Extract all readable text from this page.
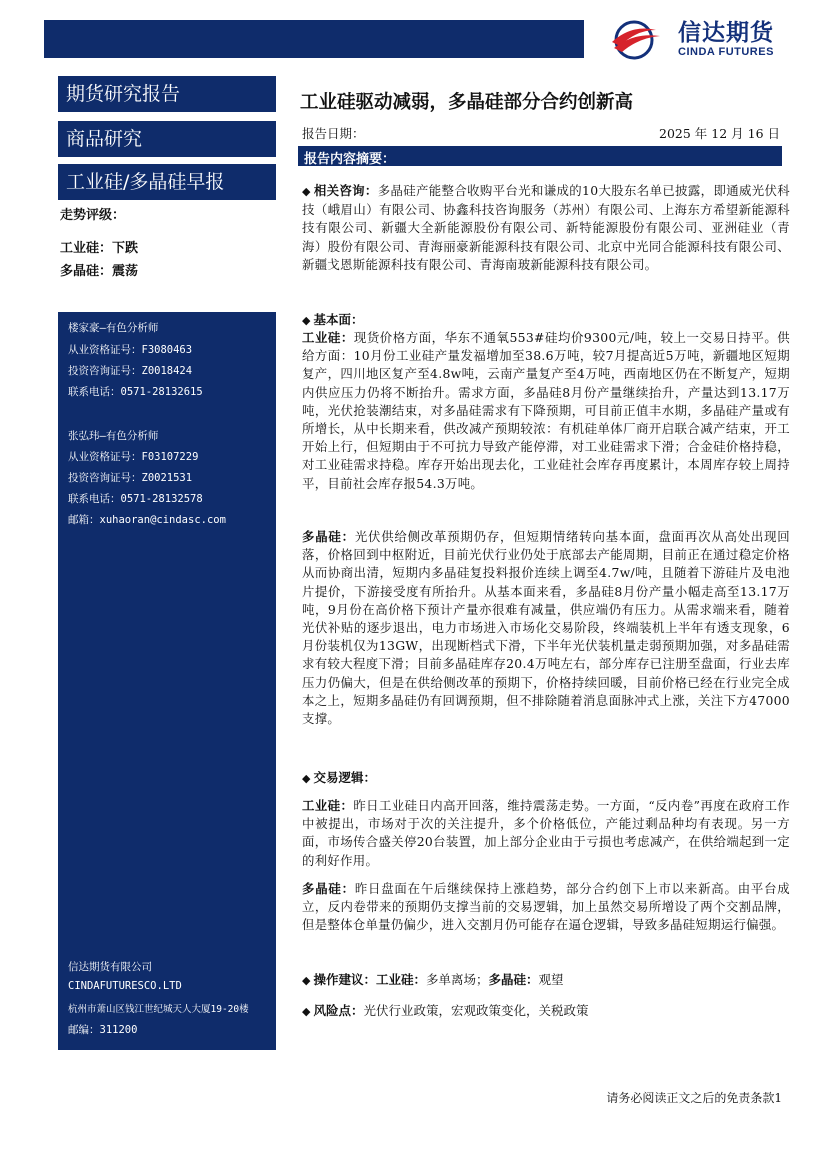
信达期货
CINDA FUTURES
期货研究报告
商品研究
工业硅/多晶硅早报
走势评级：
工业硅：下跌
多晶硅：震荡
楼家豪—有色分析师
从业资格证号：F3080463
投资咨询证号：Z0018424
联系电话：0571-28132615
张弘玮—有色分析师
从业资格证号：F03107229
投资咨询证号：Z0021531
联系电话：0571-28132578
邮箱：xuhaoran@cindasc.com
信达期货有限公司
CINDAFUTURESCO.LTD
杭州市萧山区钱江世纪城天人大厦19-20楼
邮编：311200
工业硅驱动减弱，多晶硅部分合约创新高
报告日期：	2025 年 12 月 16 日
报告内容摘要：
◆ 相关咨询：多晶硅产能整合收购平台光和谦成的10大股东名单已披露，即通威光伏科技（峨眉山）有限公司、协鑫科技咨询服务（苏州）有限公司、上海东方希望新能源科技有限公司、新疆大全新能源股份有限公司、新特能源股份有限公司、亚洲硅业（青海）股份有限公司、青海丽豪新能源科技有限公司、北京中光同合能源科技有限公司、新疆戈恩斯能源科技有限公司、青海南玻新能源科技有限公司。
◆ 基本面：
工业硅：现货价格方面，华东不通氧553#硅均价9300元/吨，较上一交易日持平。供给方面：10月份工业硅产量发福增加至38.6万吨，较7月提高近5万吨，新疆地区短期复产，四川地区复产至4.8w吨，云南产量复产至4万吨，西南地区仍在不断复产，短期内供应压力仍将不断抬升。需求方面，多晶硅8月份产量继续抬升，产量达到13.17万吨，光伏抢装潮结束，对多晶硅需求有下降预期，可目前正值丰水期，多晶硅产量或有所增长，从中长期来看，供改减产预期较浓：有机硅单体厂商开启联合减产结束，开工开始上行，但短期由于不可抗力导致产能停滞，对工业硅需求下滑；合金硅价格持稳，对工业硅需求持稳。库存开始出现去化，工业硅社会库存再度累计，本周库存较上周持平，目前社会库存报54.3万吨。
多晶硅：光伏供给侧改革预期仍存，但短期情绪转向基本面，盘面再次从高处出现回落，价格回到中枢附近，目前光伏行业仍处于底部去产能周期，目前正在通过稳定价格从而协商出清，短期内多晶硅复投料报价连续上调至4.7w/吨，且随着下游硅片及电池片提价，下游接受度有所抬升。从基本面来看，多晶硅8月份产量小幅走高至13.17万吨，9月份在高价格下预计产量亦很难有减量，供应端仍有压力。从需求端来看，随着光伏补贴的逐步退出，电力市场进入市场化交易阶段，终端装机上半年有透支现象，6月份装机仅为13GW，出现断档式下滑，下半年光伏装机量走弱预期加强，对多晶硅需求有较大程度下滑；目前多晶硅库存20.4万吨左右，部分库存已注册至盘面，行业去库压力仍偏大，但是在供给侧改革的预期下，价格持续回暖，目前价格已经在行业完全成本之上，短期多晶硅仍有回调预期，但不排除随着消息面脉冲式上涨，关注下方47000支撑。
◆ 交易逻辑：
工业硅：昨日工业硅日内高开回落，维持震荡走势。一方面，“反内卷”再度在政府工作中被提出，市场对于次的关注提升，多个价格低位，产能过剩品种均有表现。另一方面，市场传合盛关停20台装置，加上部分企业由于亏损也考虑减产，在供给端起到一定的利好作用。
多晶硅：昨日盘面在午后继续保持上涨趋势，部分合约创下上市以来新高。由平台成立，反内卷带来的预期仍支撑当前的交易逻辑，加上虽然交易所增设了两个交割品牌，但是整体仓单量仍偏少，进入交割月仍可能存在逼仓逻辑，导致多晶硅短期运行偏强。
◆ 操作建议：工业硅：多单离场；多晶硅：观望
◆ 风险点：光伏行业政策，宏观政策变化，关税政策
请务必阅读正文之后的免责条款1
